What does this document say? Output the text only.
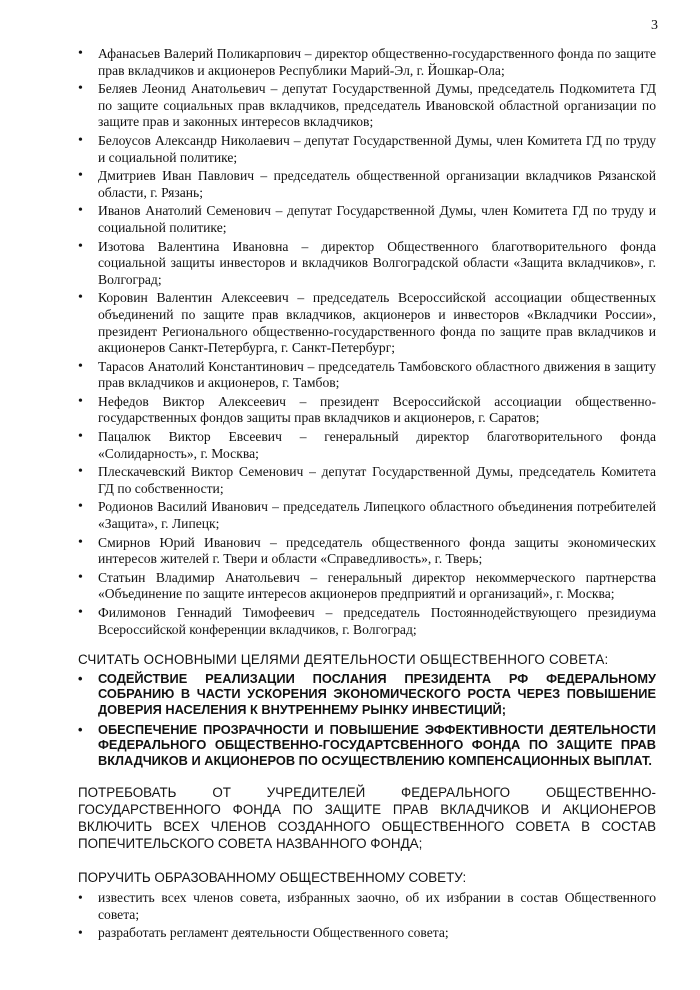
3
• Афанасьев Валерий Поликарпович – директор общественно-государственного фонда по защите прав вкладчиков и акционеров Республики Марий-Эл, г. Йошкар-Ола;
• Беляев Леонид Анатольевич – депутат Государственной Думы, председатель Подкомитета ГД по защите социальных прав вкладчиков, председатель Ивановской областной организации по защите прав и законных интересов вкладчиков;
• Белоусов Александр Николаевич – депутат Государственной Думы, член Комитета ГД по труду и социальной политике;
• Дмитриев Иван Павлович – председатель общественной организации вкладчиков Рязанской области, г. Рязань;
• Иванов Анатолий Семенович – депутат Государственной Думы, член Комитета ГД по труду и социальной политике;
• Изотова Валентина Ивановна – директор Общественного благотворительного фонда социальной защиты инвесторов и вкладчиков Волгоградской области «Защита вкладчиков», г. Волгоград;
• Коровин Валентин Алексеевич – председатель Всероссийской ассоциации общественных объединений по защите прав вкладчиков, акционеров и инвесторов «Вкладчики России», президент Регионального общественно-государственного фонда по защите прав вкладчиков и акционеров Санкт-Петербурга, г. Санкт-Петербург;
• Тарасов Анатолий Константинович – председатель Тамбовского областного движения в защиту прав вкладчиков и акционеров, г. Тамбов;
• Нефедов Виктор Алексеевич – президент Всероссийской ассоциации общественно-государственных фондов защиты прав вкладчиков и акционеров, г. Саратов;
• Пацалюк Виктор Евсеевич – генеральный директор благотворительного фонда «Солидарность», г. Москва;
• Плескачевский Виктор Семенович – депутат Государственной Думы, председатель Комитета ГД по собственности;
• Родионов Василий Иванович – председатель Липецкого областного объединения потребителей «Защита», г. Липецк;
• Смирнов Юрий Иванович – председатель общественного фонда защиты экономических интересов жителей г. Твери и области «Справедливость», г. Тверь;
• Статьин Владимир Анатольевич – генеральный директор некоммерческого партнерства «Объединение по защите интересов акционеров предприятий и организаций», г. Москва;
• Филимонов Геннадий Тимофеевич – председатель Постояннодействующего президиума Всероссийской конференции вкладчиков, г. Волгоград;
СЧИТАТЬ ОСНОВНЫМИ ЦЕЛЯМИ ДЕЯТЕЛЬНОСТИ ОБЩЕСТВЕННОГО СОВЕТА:
• СОДЕЙСТВИЕ РЕАЛИЗАЦИИ ПОСЛАНИЯ ПРЕЗИДЕНТА РФ ФЕДЕРАЛЬНОМУ СОБРАНИЮ В ЧАСТИ УСКОРЕНИЯ ЭКОНОМИЧЕСКОГО РОСТА ЧЕРЕЗ ПОВЫШЕНИЕ ДОВЕРИЯ НАСЕЛЕНИЯ К ВНУТРЕННЕМУ РЫНКУ ИНВЕСТИЦИЙ;
• ОБЕСПЕЧЕНИЕ ПРОЗРАЧНОСТИ И ПОВЫШЕНИЕ ЭФФЕКТИВНОСТИ ДЕЯТЕЛЬНОСТИ ФЕДЕРАЛЬНОГО ОБЩЕСТВЕННО-ГОСУДАРТСВЕННОГО ФОНДА ПО ЗАЩИТЕ ПРАВ ВКЛАДЧИКОВ И АКЦИОНЕРОВ ПО ОСУЩЕСТВЛЕНИЮ КОМПЕНСАЦИОННЫХ ВЫПЛАТ.
ПОТРЕБОВАТЬ ОТ УЧРЕДИТЕЛЕЙ ФЕДЕРАЛЬНОГО ОБЩЕСТВЕННО-ГОСУДАРСТВЕННОГО ФОНДА ПО ЗАЩИТЕ ПРАВ ВКЛАДЧИКОВ И АКЦИОНЕРОВ ВКЛЮЧИТЬ ВСЕХ ЧЛЕНОВ СОЗДАННОГО ОБЩЕСТВЕННОГО СОВЕТА В СОСТАВ ПОПЕЧИТЕЛЬСКОГО СОВЕТА НАЗВАННОГО ФОНДА;
ПОРУЧИТЬ ОБРАЗОВАННОМУ ОБЩЕСТВЕННОМУ СОВЕТУ:
• известить всех членов совета, избранных заочно, об их избрании в состав Общественного совета;
• разработать регламент деятельности Общественного совета;
